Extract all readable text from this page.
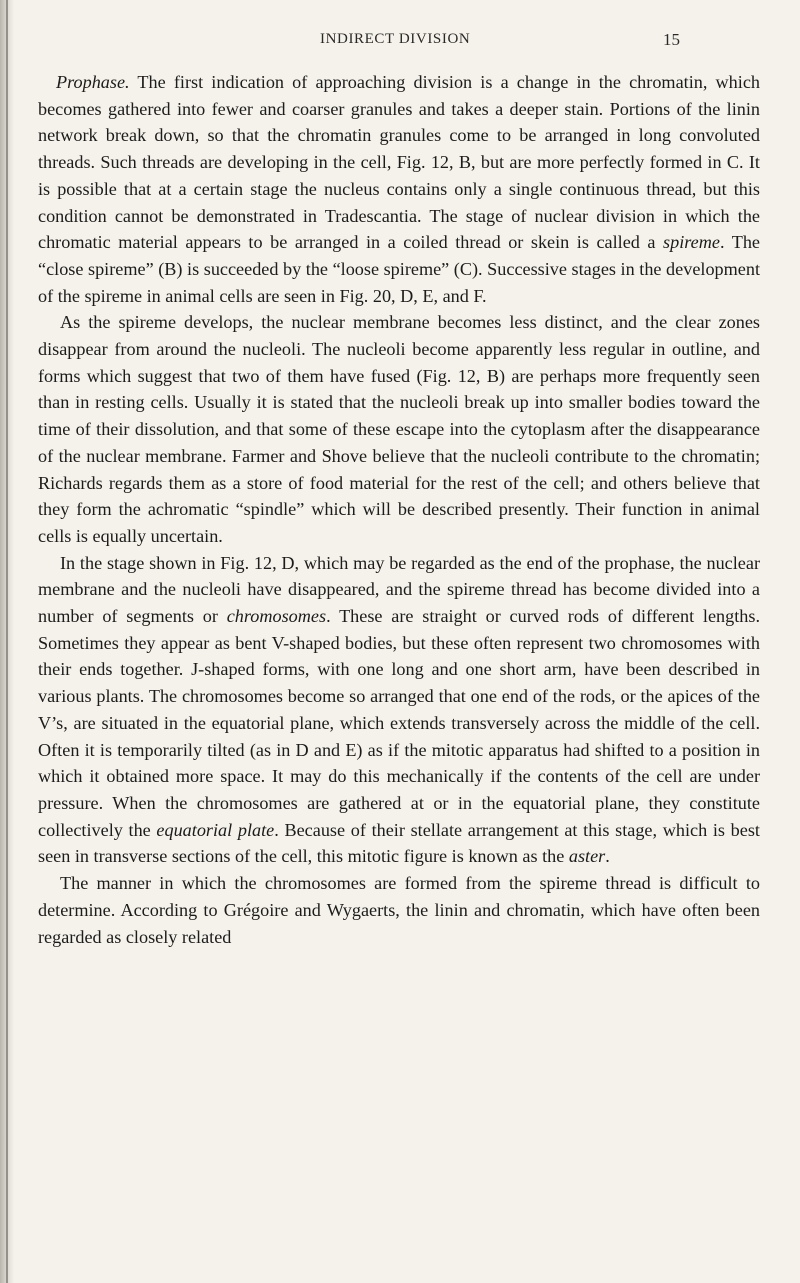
INDIRECT DIVISION	15

Prophase. The first indication of approaching division is a change in the chromatin, which becomes gathered into fewer and coarser granules and takes a deeper stain. Portions of the linin network break down, so that the chromatin granules come to be arranged in long convoluted threads. Such threads are developing in the cell, Fig. 12, B, but are more perfectly formed in C. It is possible that at a certain stage the nucleus contains only a single continuous thread, but this condition cannot be demonstrated in Tradescantia. The stage of nuclear division in which the chromatic material appears to be arranged in a coiled thread or skein is called a spireme. The “close spireme” (B) is succeeded by the “loose spireme” (C). Successive stages in the development of the spireme in animal cells are seen in Fig. 20, D, E, and F.

As the spireme develops, the nuclear membrane becomes less distinct, and the clear zones disappear from around the nucleoli. The nucleoli become apparently less regular in outline, and forms which suggest that two of them have fused (Fig. 12, B) are perhaps more frequently seen than in resting cells. Usually it is stated that the nucleoli break up into smaller bodies toward the time of their dissolution, and that some of these escape into the cytoplasm after the disappearance of the nuclear membrane. Farmer and Shove believe that the nucleoli contribute to the chromatin; Richards regards them as a store of food material for the rest of the cell; and others believe that they form the achromatic “spindle” which will be described presently. Their function in animal cells is equally uncertain.

In the stage shown in Fig. 12, D, which may be regarded as the end of the prophase, the nuclear membrane and the nucleoli have disappeared, and the spireme thread has become divided into a number of segments or chromosomes. These are straight or curved rods of different lengths. Sometimes they appear as bent V-shaped bodies, but these often represent two chromosomes with their ends together. J-shaped forms, with one long and one short arm, have been described in various plants. The chromosomes become so arranged that one end of the rods, or the apices of the V’s, are situated in the equatorial plane, which extends transversely across the middle of the cell. Often it is temporarily tilted (as in D and E) as if the mitotic apparatus had shifted to a position in which it obtained more space. It may do this mechanically if the contents of the cell are under pressure. When the chromosomes are gathered at or in the equatorial plane, they constitute collectively the equatorial plate. Because of their stellate arrangement at this stage, which is best seen in transverse sections of the cell, this mitotic figure is known as the aster.

The manner in which the chromosomes are formed from the spireme thread is difficult to determine. According to Grégoire and Wygaerts, the linin and chromatin, which have often been regarded as closely related
